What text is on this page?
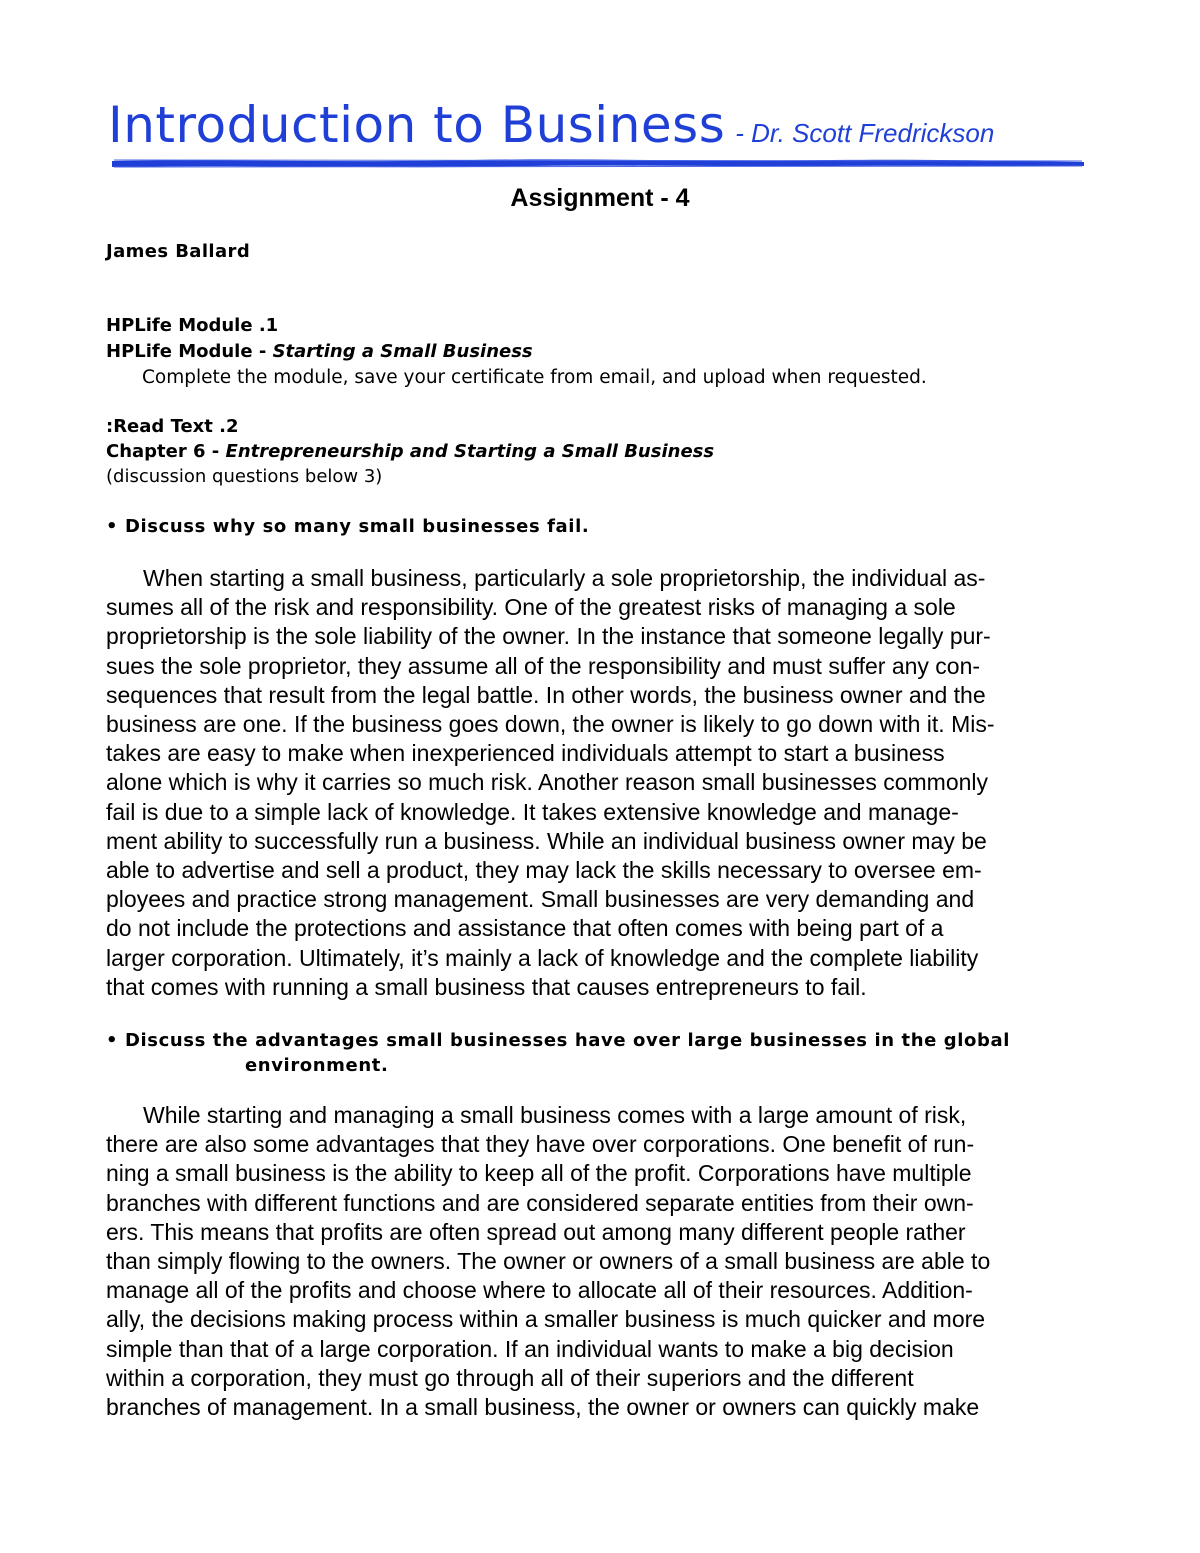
Introduction to Business - Dr. Scott Fredrickson
Assignment - 4
James Ballard
HPLife Module .1
HPLife Module - Starting a Small Business
Complete the module, save your certificate from email, and upload when requested.
:Read Text .2
Chapter 6 - Entrepreneurship and Starting a Small Business
(discussion questions below 3)
• Discuss why so many small businesses fail.
When starting a small business, particularly a sole proprietorship, the individual as-
sumes all of the risk and responsibility. One of the greatest risks of managing a sole
proprietorship is the sole liability of the owner. In the instance that someone legally pur-
sues the sole proprietor, they assume all of the responsibility and must suffer any con-
sequences that result from the legal battle. In other words, the business owner and the
business are one. If the business goes down, the owner is likely to go down with it. Mis-
takes are easy to make when inexperienced individuals attempt to start a business
alone which is why it carries so much risk. Another reason small businesses commonly
fail is due to a simple lack of knowledge. It takes extensive knowledge and manage-
ment ability to successfully run a business. While an individual business owner may be
able to advertise and sell a product, they may lack the skills necessary to oversee em-
ployees and practice strong management. Small businesses are very demanding and
do not include the protections and assistance that often comes with being part of a
larger corporation. Ultimately, it’s mainly a lack of knowledge and the complete liability
that comes with running a small business that causes entrepreneurs to fail.
• Discuss the advantages small businesses have over large businesses in the global
environment.
While starting and managing a small business comes with a large amount of risk,
there are also some advantages that they have over corporations. One benefit of run-
ning a small business is the ability to keep all of the profit. Corporations have multiple
branches with different functions and are considered separate entities from their own-
ers. This means that profits are often spread out among many different people rather
than simply flowing to the owners. The owner or owners of a small business are able to
manage all of the profits and choose where to allocate all of their resources. Addition-
ally, the decisions making process within a smaller business is much quicker and more
simple than that of a large corporation. If an individual wants to make a big decision
within a corporation, they must go through all of their superiors and the different
branches of management. In a small business, the owner or owners can quickly make
